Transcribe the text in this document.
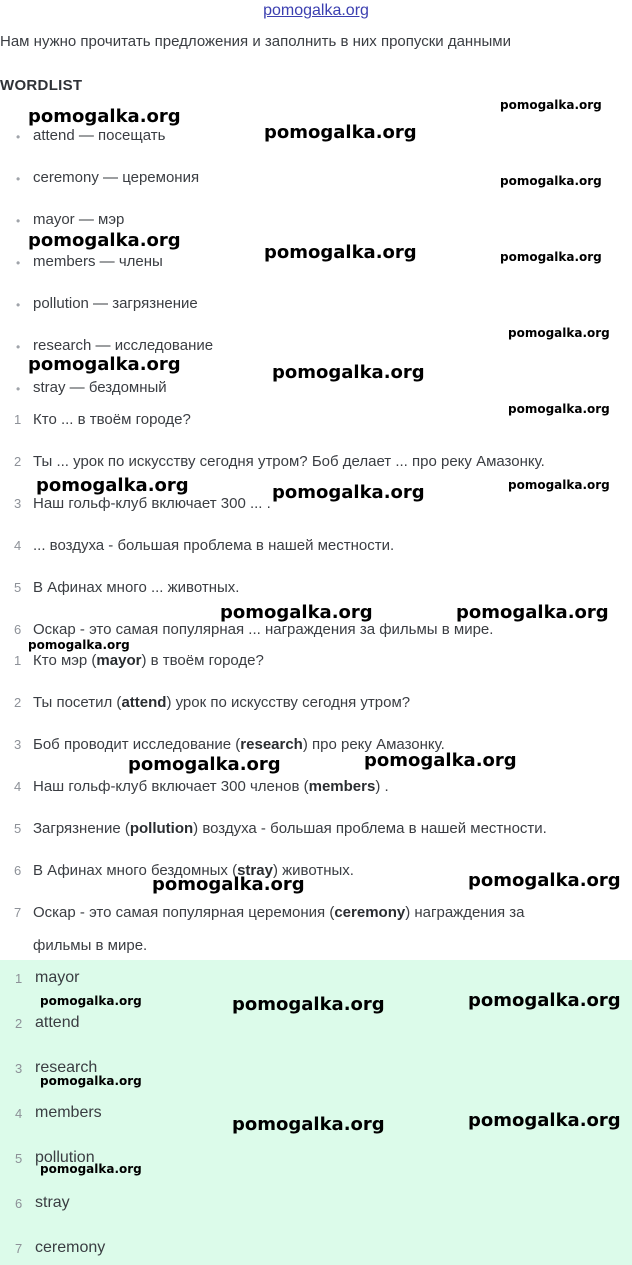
pomogalka.org
Нам нужно прочитать предложения и заполнить в них пропуски данными
WORDLIST
• attend — посещать
• ceremony — церемония
• mayor — мэр
• members — члены
• pollution — загрязнение
• research — исследование
• stray — бездомный
1 Кто ... в твоём городе?
2 Ты ... урок по искусству сегодня утром? Боб делает ... про реку Амазонку.
3 Наш гольф-клуб включает 300 ... .
4 ... воздуха - большая проблема в нашей местности.
5 В Афинах много ... животных.
6 Оскар - это самая популярная ... награждения за фильмы в мире.
1 Кто мэр (mayor) в твоём городе?
2 Ты посетил (attend) урок по искусству сегодня утром?
3 Боб проводит исследование (research) про реку Амазонку.
4 Наш гольф-клуб включает 300 членов (members) .
5 Загрязнение (pollution) воздуха - большая проблема в нашей местности.
6 В Афинах много бездомных (stray) животных.
7 Оскар - это самая популярная церемония (ceremony) награждения за
фильмы в мире.
1 mayor
2 attend
3 research
4 members
5 pollution
6 stray
7 ceremony
pomogalka.org
pomogalka.org
pomogalka.org
pomogalka.org
pomogalka.org
pomogalka.org	pomogalka.org
pomogalka.org
pomogalka.org	pomogalka.org
pomogalka.org
pomogalka.org	pomogalka.org	pomogalka.org
pomogalka.org	pomogalka.org
pomogalka.org
pomogalka.org	pomogalka.org
pomogalka.org	pomogalka.org
pomogalka.org	pomogalka.org	pomogalka.org
pomogalka.org
pomogalka.org	pomogalka.org
pomogalka.org
